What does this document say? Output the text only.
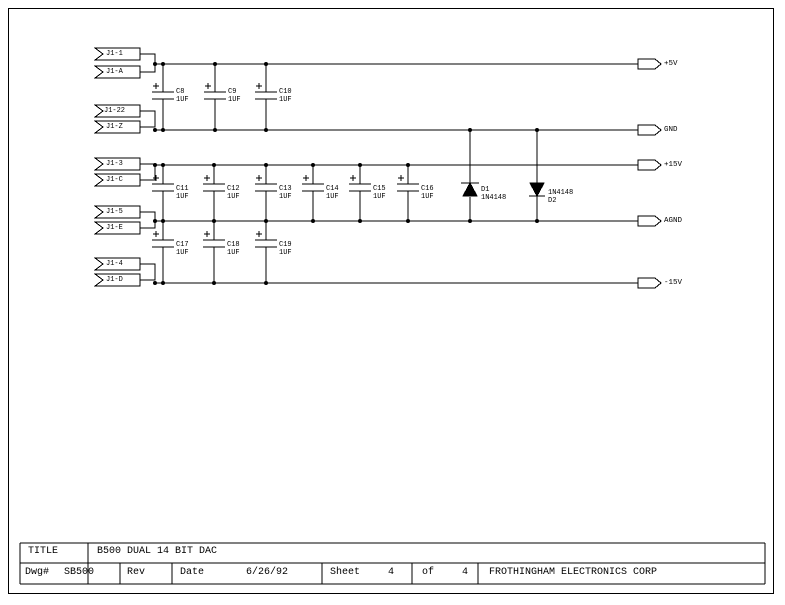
J1-1
J1-A
J1-22
J1-Z
J1-3
J1-C
J1-5
J1-E
J1-4
J1-D
+5V
GND
+15V
AGND
-15V
C8
1UF
C9
1UF
C10
1UF
C11
1UF
C12
1UF
C13
1UF
C14
1UF
C15
1UF
C16
1UF
C17
1UF
C18
1UF
C19
1UF
D1
1N4148
1N4148
D2
TITLE	B500 DUAL 14 BIT DAC
Dwg# SB500	Rev	Date	6/26/92	Sheet	4	of	4 FROTHINGHAM ELECTRONICS CORP
